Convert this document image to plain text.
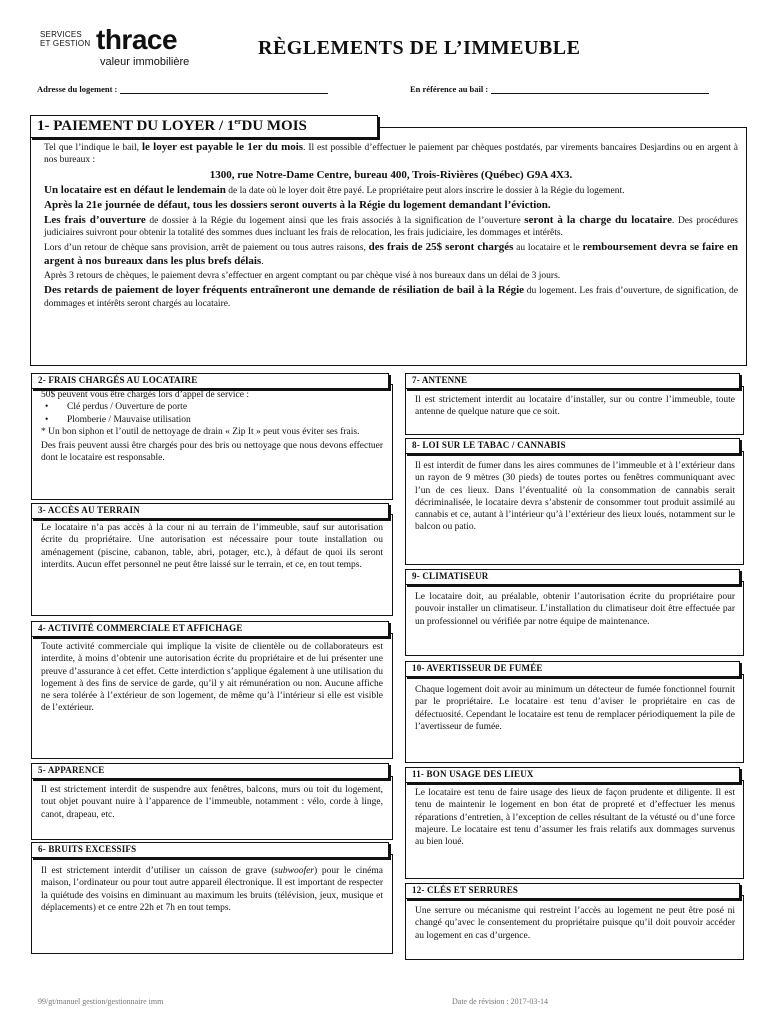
SERVICES
ET GESTION thrace
valeur immobilière
RÈGLEMENTS DE L’IMMEUBLE
Adresse du logement :	En référence au bail :
1- PAIEMENT DU LOYER / 1erDU MOIS

Tel que l’indique le bail, le loyer est payable le 1er du mois. Il est possible d’effectuer le paiement par chèques postdatés, par virements bancaires Desjardins ou en argent à nos bureaux :

1300, rue Notre-Dame Centre, bureau 400, Trois-Rivières (Québec) G9A 4X3.

Un locataire est en défaut le lendemain de la date où le loyer doit être payé. Le propriétaire peut alors inscrire le dossier à la Régie du logement.

Après la 21e journée de défaut, tous les dossiers seront ouverts à la Régie du logement demandant l’éviction.

Les frais d’ouverture de dossier à la Régie du logement ainsi que les frais associés à la signification de l’ouverture seront à la charge du locataire. Des procédures judiciaires suivront pour obtenir la totalité des sommes dues incluant les frais de relocation, les frais judiciaire, les dommages et intérêts.

Lors d’un retour de chèque sans provision, arrêt de paiement ou tous autres raisons, des frais de 25$ seront chargés au locataire et le remboursement devra se faire en argent à nos bureaux dans les plus brefs délais.

Après 3 retours de chèques, le paiement devra s’effectuer en argent comptant ou par chèque visé à nos bureaux dans un délai de 3 jours.

Des retards de paiement de loyer fréquents entraîneront une demande de résiliation de bail à la Régie du logement. Les frais d’ouverture, de signification, de dommages et intérêts seront chargés au locataire.

2- FRAIS CHARGÉS AU LOCATAIRE
50$ peuvent vous être chargés lors d’appel de service :
• Clé perdus / Ouverture de porte
• Plomberie / Mauvaise utilisation
* Un bon siphon et l’outil de nettoyage de drain « Zip It » peut vous éviter ses frais.
Des frais peuvent aussi être chargés pour des bris ou nettoyage que nous devons effectuer dont le locataire est responsable.
3- ACCÈS AU TERRAIN
Le locataire n’a pas accès à la cour ni au terrain de l’immeuble, sauf sur autorisation écrite du propriétaire. Une autorisation est nécessaire pour toute installation ou aménagement (piscine, cabanon, table, abri, potager, etc.), à défaut de quoi ils seront interdits. Aucun effet personnel ne peut être laissé sur le terrain, et ce, en tout temps.
4- ACTIVITÉ COMMERCIALE ET AFFICHAGE
Toute activité commerciale qui implique la visite de clientèle ou de collaborateurs est interdite, à moins d’obtenir une autorisation écrite du propriétaire et de lui présenter une preuve d’assurance à cet effet. Cette interdiction s’applique également à une utilisation du logement à des fins de service de garde, qu’il y ait rémunération ou non. Aucune affiche ne sera tolérée à l’extérieur de son logement, de même qu’à l’intérieur si elle est visible de l’extérieur.
5- APPARENCE
Il est strictement interdit de suspendre aux fenêtres, balcons, murs ou toit du logement, tout objet pouvant nuire à l’apparence de l’immeuble, notamment : vélo, corde à linge, canot, drapeau, etc.
6- BRUITS EXCESSIFS
Il est strictement interdit d’utiliser un caisson de grave (subwoofer) pour le cinéma maison, l’ordinateur ou pour tout autre appareil électronique. Il est important de respecter la quiétude des voisins en diminuant au maximum les bruits (télévision, jeux, musique et déplacements) et ce entre 22h et 7h en tout temps.
7- ANTENNE
Il est strictement interdit au locataire d’installer, sur ou contre l’immeuble, toute antenne de quelque nature que ce soit.
8- LOI SUR LE TABAC / CANNABIS
Il est interdit de fumer dans les aires communes de l’immeuble et à l’extérieur dans un rayon de 9 mètres (30 pieds) de toutes portes ou fenêtres communiquant avec l’un de ces lieux. Dans l’éventualité où la consommation de cannabis serait décriminalisée, le locataire devra s’abstenir de consommer tout produit assimilé au cannabis et ce, autant à l’intérieur qu’à l’extérieur des lieux loués, notamment sur le balcon ou patio.
9- CLIMATISEUR
Le locataire doit, au préalable, obtenir l’autorisation écrite du propriétaire pour pouvoir installer un climatiseur. L’installation du climatiseur doit être effectuée par un professionnel ou vérifiée par notre équipe de maintenance.
10- AVERTISSEUR DE FUMÉE
Chaque logement doit avoir au minimum un détecteur de fumée fonctionnel fournit par le propriétaire. Le locataire est tenu d’aviser le propriétaire en cas de défectuosité. Cependant le locataire est tenu de remplacer périodiquement la pile de l’avertisseur de fumée.
11- BON USAGE DES LIEUX
Le locataire est tenu de faire usage des lieux de façon prudente et diligente. Il est tenu de maintenir le logement en bon état de propreté et d’effectuer les menus réparations d’entretien, à l’exception de celles résultant de la vétusté ou d’une force majeure. Le locataire est tenu d’assumer les frais relatifs aux dommages survenus au bien loué.
12- CLÉS ET SERRURES
Une serrure ou mécanisme qui restreint l’accès au logement ne peut être posé ni changé qu’avec le consentement du propriétaire puisque qu’il doit pouvoir accéder au logement en cas d’urgence.
99/gt/manuel gestion/gestionnaire imm	Date de révision : 2017-03-14
